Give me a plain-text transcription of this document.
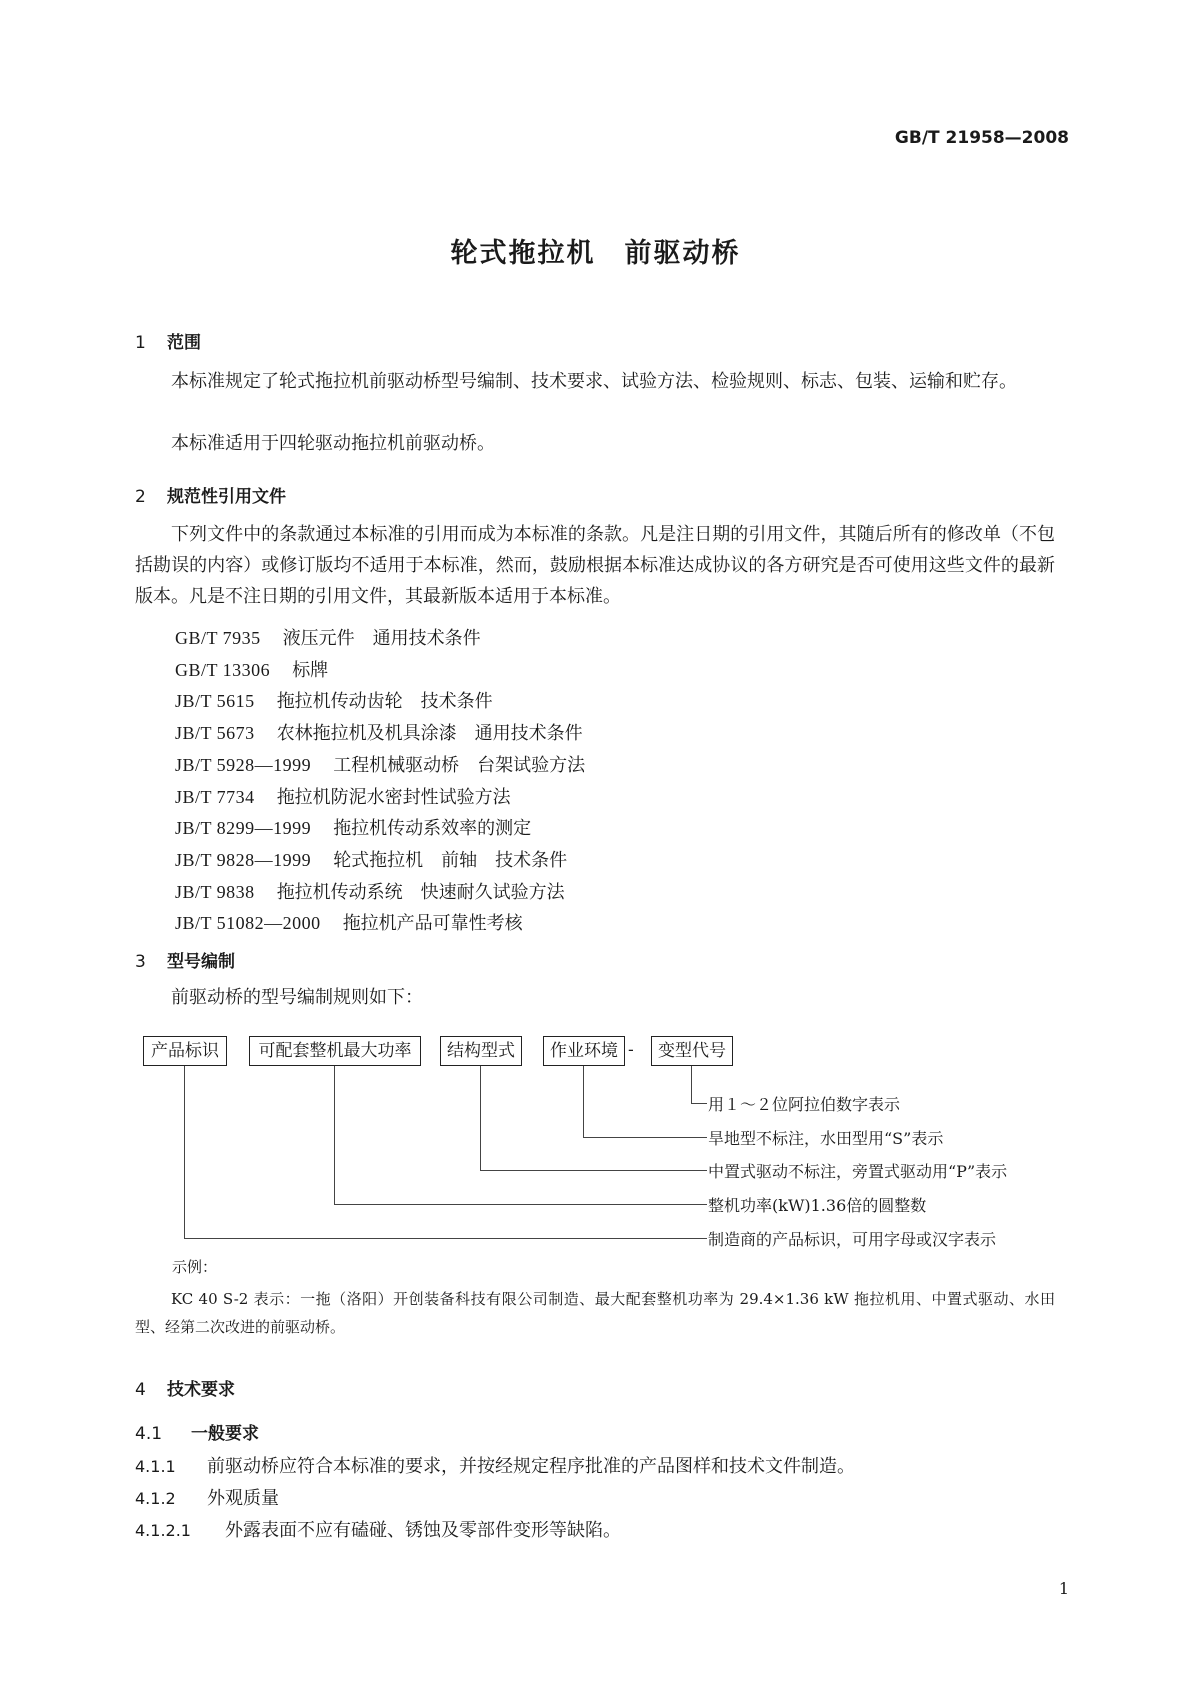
GB/T 21958—2008
轮式拖拉机　前驱动桥
1 范围
本标准规定了轮式拖拉机前驱动桥型号编制、技术要求、试验方法、检验规则、标志、包装、运输和贮存。
本标准适用于四轮驱动拖拉机前驱动桥。
2 规范性引用文件
下列文件中的条款通过本标准的引用而成为本标准的条款。凡是注日期的引用文件，其随后所有的修改单（不包括勘误的内容）或修订版均不适用于本标准，然而，鼓励根据本标准达成协议的各方研究是否可使用这些文件的最新版本。凡是不注日期的引用文件，其最新版本适用于本标准。
GB/T 7935 液压元件　通用技术条件
GB/T 13306 标牌
JB/T 5615 拖拉机传动齿轮　技术条件
JB/T 5673 农林拖拉机及机具涂漆　通用技术条件
JB/T 5928—1999 工程机械驱动桥　台架试验方法
JB/T 7734 拖拉机防泥水密封性试验方法
JB/T 8299—1999 拖拉机传动系效率的测定
JB/T 9828—1999 轮式拖拉机　前轴　技术条件
JB/T 9838 拖拉机传动系统　快速耐久试验方法
JB/T 51082—2000 拖拉机产品可靠性考核
3 型号编制
前驱动桥的型号编制规则如下：
产品标识	可配套整机最大功率	结构型式	作业环境 -	变型代号
用１～２位阿拉伯数字表示
旱地型不标注，水田型用“S”表示
中置式驱动不标注，旁置式驱动用“P”表示
整机功率(kW)1.36倍的圆整数
制造商的产品标识，可用字母或汉字表示
示例：
KC 40 S-2 表示：一拖（洛阳）开创装备科技有限公司制造、最大配套整机功率为 29.4×1.36 kW 拖拉机用、中置式驱动、水田型、经第二次改进的前驱动桥。
4 技术要求
4.1 一般要求
4.1.1 前驱动桥应符合本标准的要求，并按经规定程序批准的产品图样和技术文件制造。
4.1.2 外观质量
4.1.2.1 外露表面不应有磕碰、锈蚀及零部件变形等缺陷。
1
